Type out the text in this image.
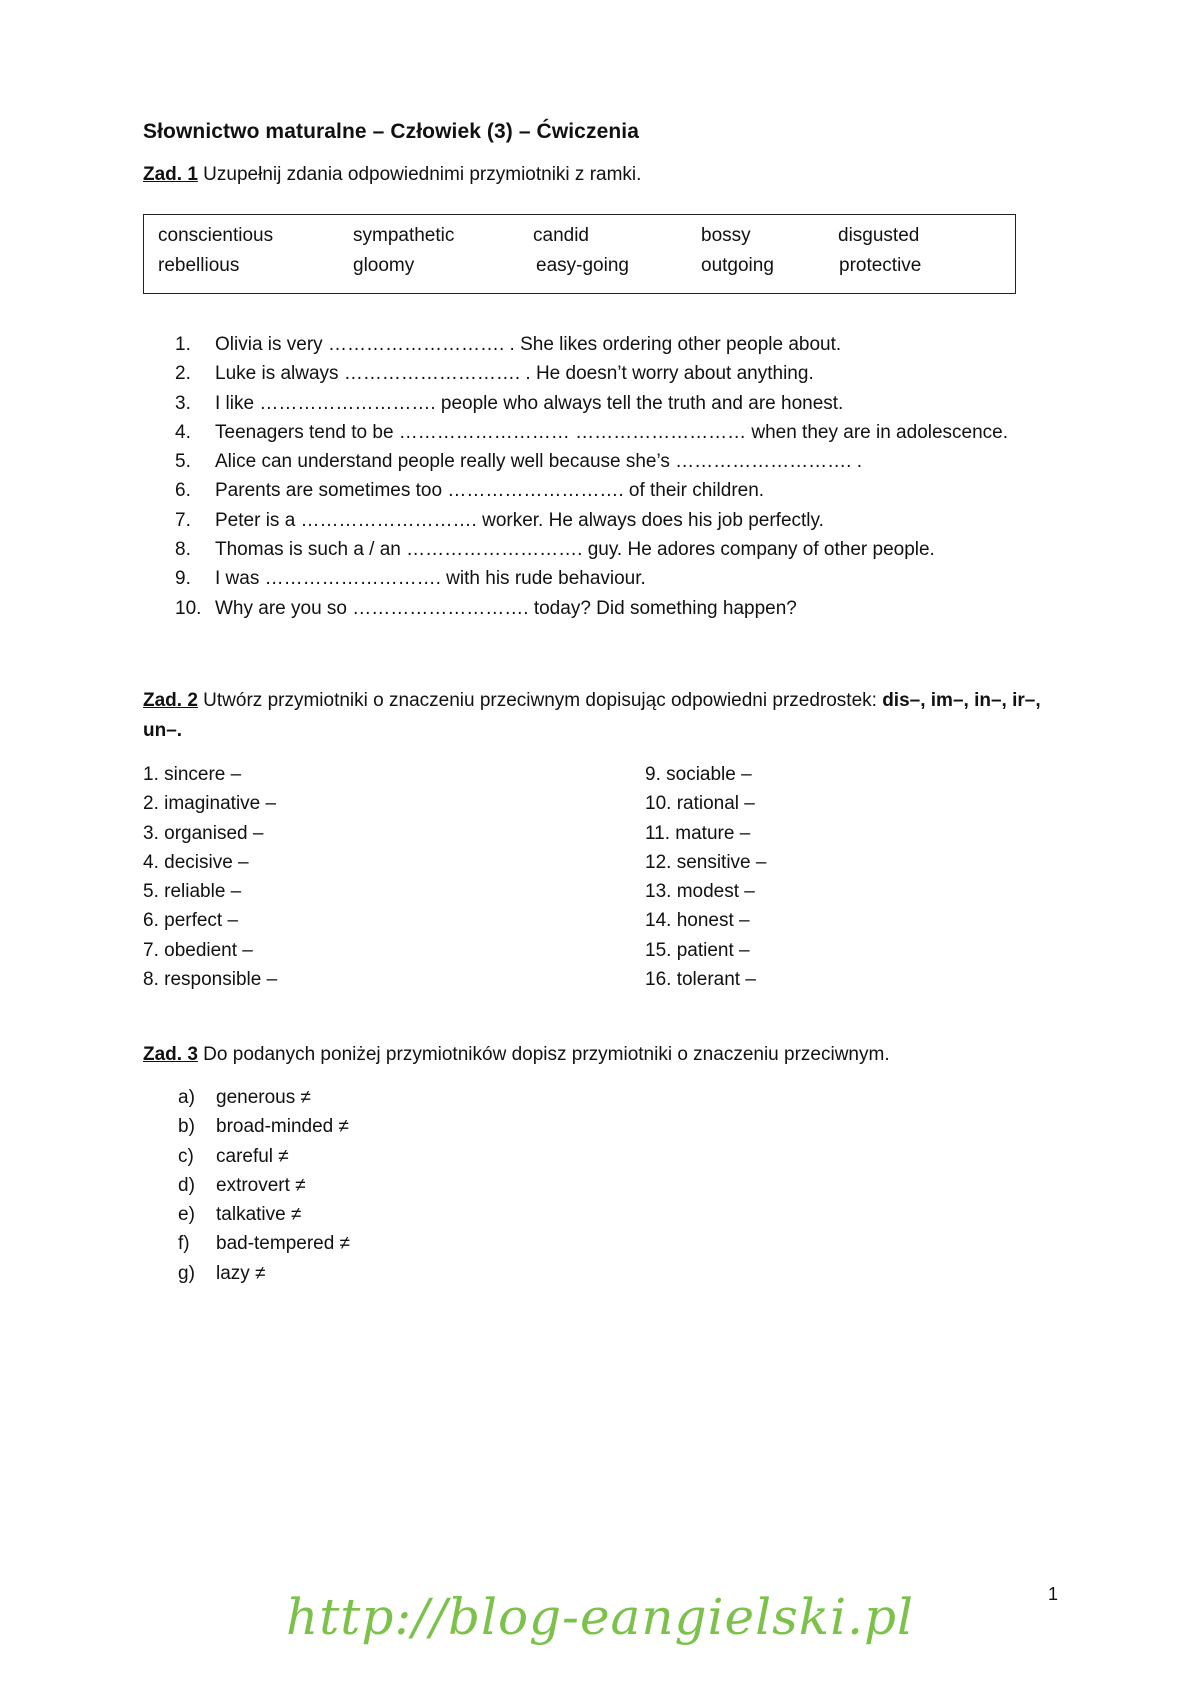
Słownictwo maturalne – Człowiek (3) – Ćwiczenia
Zad. 1 Uzupełnij zdania odpowiednimi przymiotniki z ramki.
conscientious	sympathetic	candid	bossy	disgusted
rebellious	gloomy	easy-going	outgoing	protective
1. Olivia is very ………………………. . She likes ordering other people about.
2. Luke is always ………………………. . He doesn’t worry about anything.
3. I like ………………………. people who always tell the truth and are honest.
4. Teenagers tend to be ……………………… ……………………… when they are in adolescence.
5. Alice can understand people really well because she’s ………………………. .
6. Parents are sometimes too ………………………. of their children.
7. Peter is a ………………………. worker. He always does his job perfectly.
8. Thomas is such a / an ………………………. guy. He adores company of other people.
9. I was ………………………. with his rude behaviour.
10. Why are you so ………………………. today? Did something happen?
Zad. 2 Utwórz przymiotniki o znaczeniu przeciwnym dopisując odpowiedni przedrostek: dis–, im–, in–, ir–, un–.
1. sincere –
2. imaginative –
3. organised –
4. decisive –
5. reliable –
6. perfect –
7. obedient –
8. responsible –
9. sociable –
10. rational –
11. mature –
12. sensitive –
13. modest –
14. honest –
15. patient –
16. tolerant –
Zad. 3 Do podanych poniżej przymiotników dopisz przymiotniki o znaczeniu przeciwnym.
a) generous ≠
b) broad-minded ≠
c) careful ≠
d) extrovert ≠
e) talkative ≠
f) bad-tempered ≠
g) lazy ≠
1
http://blog-eangielski.pl
